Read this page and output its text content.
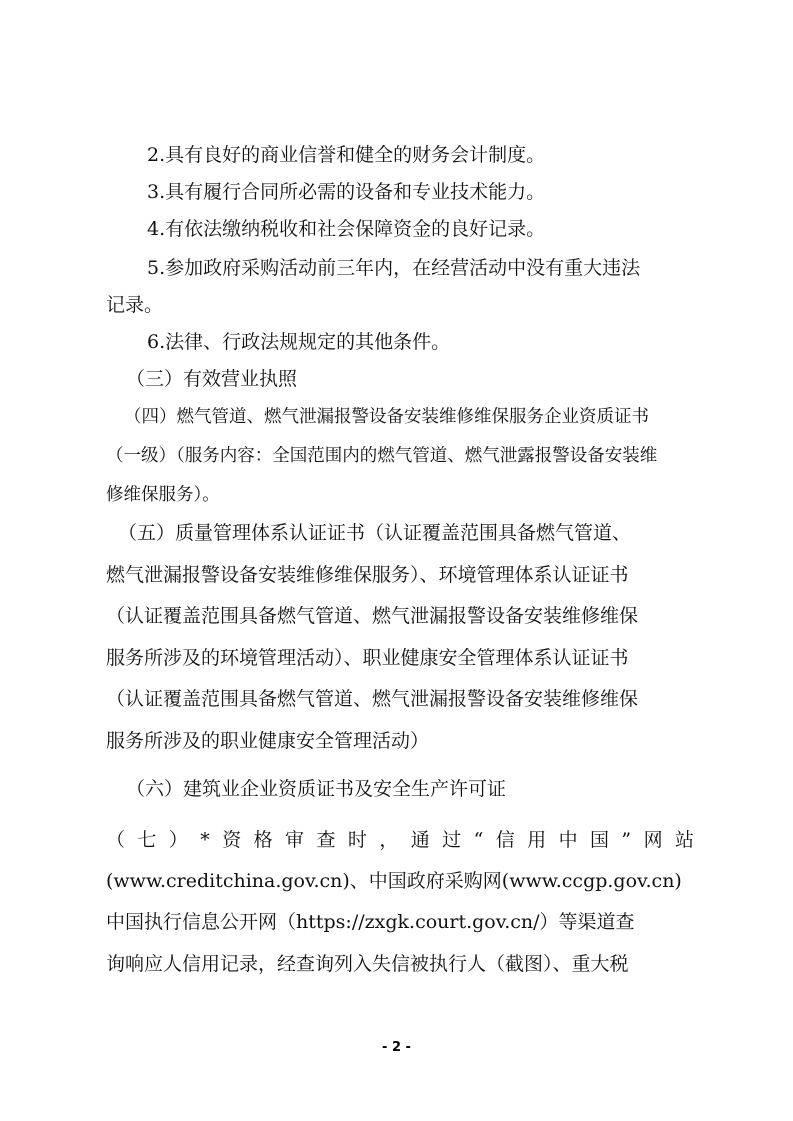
2.具有良好的商业信誉和健全的财务会计制度。
3.具有履行合同所必需的设备和专业技术能力。
4.有依法缴纳税收和社会保障资金的良好记录。
5.参加政府采购活动前三年内，在经营活动中没有重大违法
记录。
6.法律、行政法规规定的其他条件。
（三）有效营业执照
（四）燃气管道、燃气泄漏报警设备安装维修维保服务企业资质证书
（一级）（服务内容：全国范围内的燃气管道、燃气泄露报警设备安装维
修维保服务）。
（五）质量管理体系认证证书（认证覆盖范围具备燃气管道、
燃气泄漏报警设备安装维修维保服务）、环境管理体系认证证书
（认证覆盖范围具备燃气管道、燃气泄漏报警设备安装维修维保
服务所涉及的环境管理活动）、职业健康安全管理体系认证证书
（认证覆盖范围具备燃气管道、燃气泄漏报警设备安装维修维保
服务所涉及的职业健康安全管理活动）
（六）建筑业企业资质证书及安全生产许可证
（七）*资格审查时，通过“信用中国”网站
(www.creditchina.gov.cn)、中国政府采购网(www.ccgp.gov.cn)
中国执行信息公开网（https://zxgk.court.gov.cn/）等渠道查
询响应人信用记录，经查询列入失信被执行人（截图）、重大税
- 2 -
